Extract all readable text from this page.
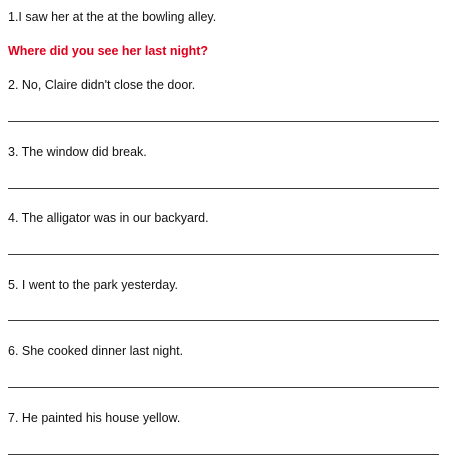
1.I saw her at the at the bowling alley.
Where did you see her last night?
2. No, Claire didn't close the door.
3. The window did break.
4. The alligator was in our backyard.
5. I went to the park yesterday.
6. She cooked dinner last night.
7. He painted his house yellow.
